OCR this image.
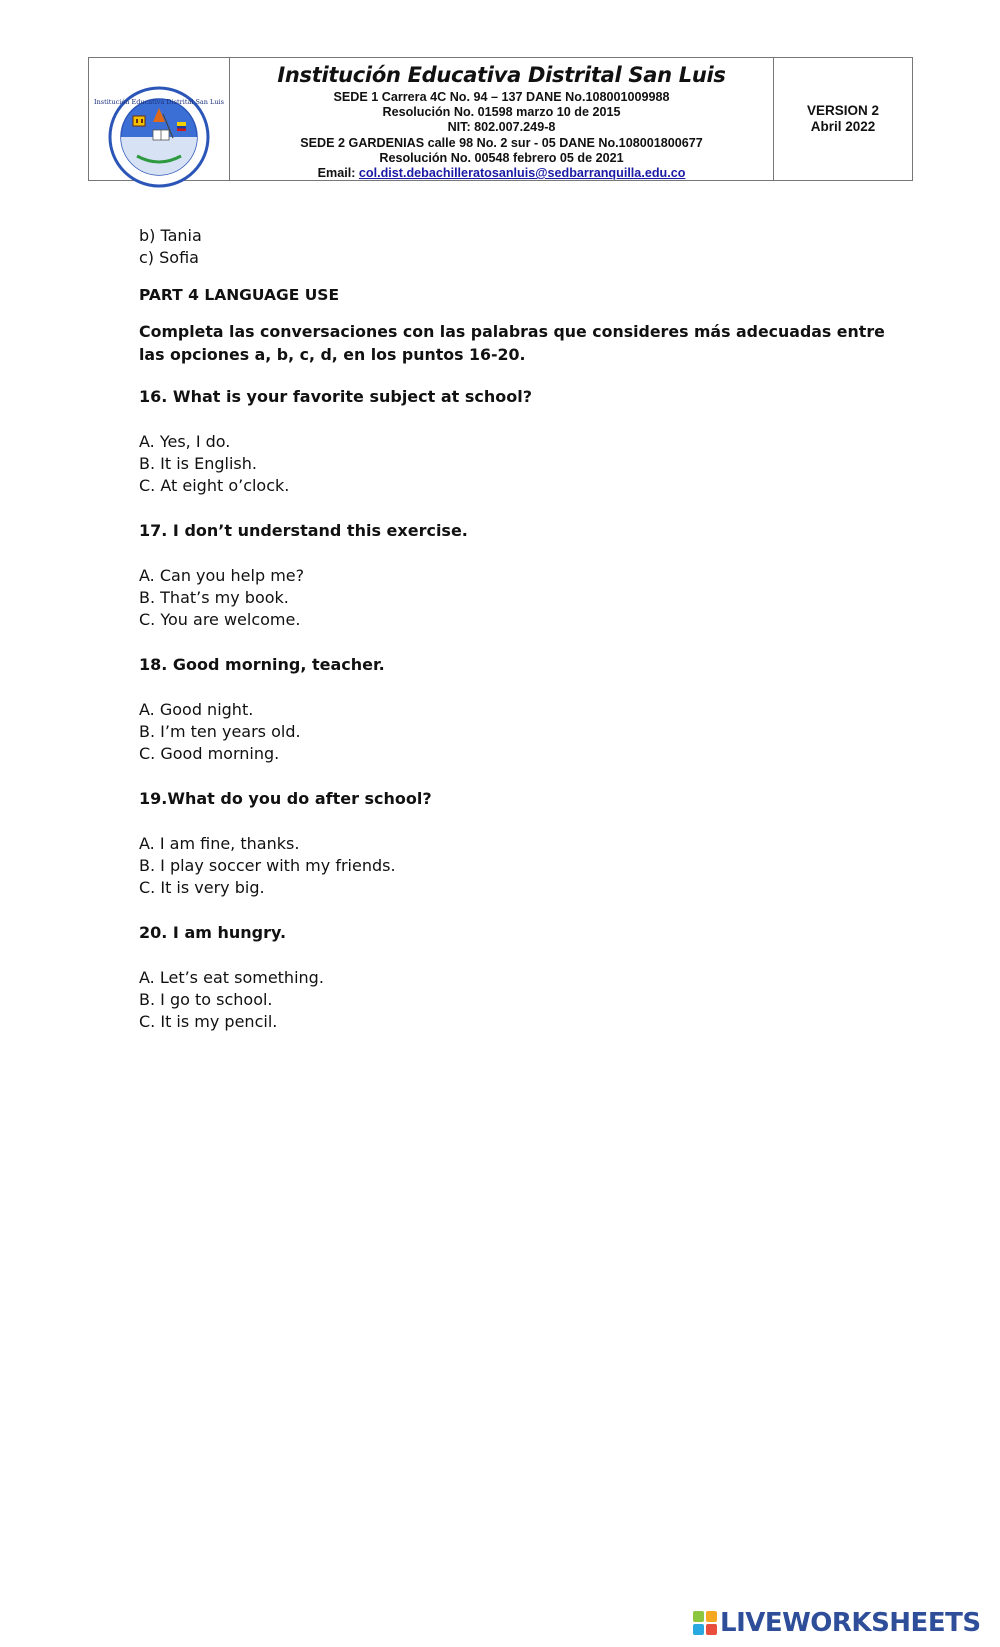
Institución Educativa Distrital San Luis
Institución Educativa Distrital San Luis
SEDE 1 Carrera 4C No. 94 – 137 DANE No.108001009988
Resolución No. 01598 marzo 10 de 2015
NIT: 802.007.249-8
SEDE 2 GARDENIAS calle 98 No. 2 sur - 05 DANE No.108001800677
Resolución No. 00548 febrero 05 de 2021
Email: col.dist.debachilleratosanluis@sedbarranquilla.edu.co
VERSION 2
Abril 2022
b) Tania
c) Sofia
PART 4 LANGUAGE USE
Completa las conversaciones con las palabras que consideres más adecuadas entre las opciones a, b, c, d, en los puntos 16-20.
16. What is your favorite subject at school?
A. Yes, I do.
B. It is English.
C. At eight o’clock.
17. I don’t understand this exercise.
A. Can you help me?
B. That’s my book.
C. You are welcome.
18. Good morning, teacher.
A. Good night.
B. I’m ten years old.
C. Good morning.
19.What do you do after school?
A. I am fine, thanks.
B. I play soccer with my friends.
C. It is very big.
20. I am hungry.
A. Let’s eat something.
B. I go to school.
C. It is my pencil.
LIVEWORKSHEETS
